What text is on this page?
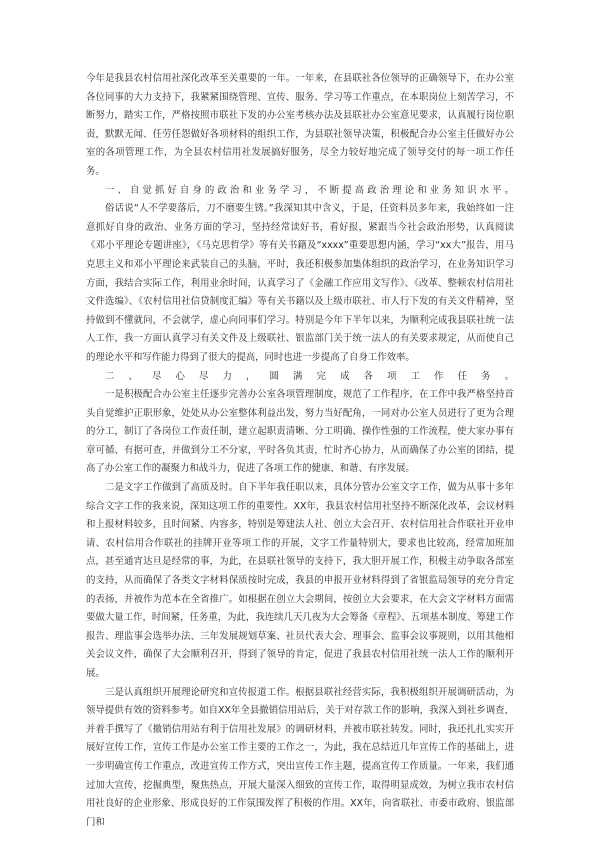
今年是我县农村信用社深化改革至关重要的一年。一年来，在县联社各位领导的正确领导下，在办公室各位同事的大力支持下，我紧紧围绕管理、宣传、服务、学习等工作重点，在本职岗位上刻苦学习，不断努力，踏实工作，严格按照市联社下发的办公室考核办法及县联社办公室意见要求，认真履行岗位职责，默默无闻、任劳任怨做好各项材料的组织工作，为县联社领导决策，积极配合办公室主任做好办公室的各项管理工作，为全县农村信用社发展搞好服务，尽全力较好地完成了领导交付的每一项工作任务。

一、自觉抓好自身的政治和业务学习，不断提高政治理论和业务知识水平。

俗话说“人不学要落后，刀不磨要生锈。”我深知其中含义，于是，任资料员多年来，我始终如一注意抓好自身的政治、业务方面的学习，坚持经常读好书，看好报，紧跟当今社会政治形势，认真阅读《邓小平理论专题讲座》，《马克思哲学》等有关书籍及“xxxx”重要思想内涵，学习“xx大”报告，用马克思主义和邓小平理论来武装自己的头脑，平时，我还积极参加集体组织的政治学习，在业务知识学习方面，我结合实际工作，利用业余时间，认真学习了《金融工作应用文写作》、《改革、整顿农村信用社文件选编》、《农村信用社信贷制度汇编》等有关书籍以及上级市联社、市人行下发的有关文件精神，坚持做到不懂就问，不会就学，虚心向同事们学习。特别是今年下半年以来，为顺利完成我县联社统一法人工作，我一方面认真学习有关文件及上级联社、银监部门关于统一法人的有关要求规定，从而使自己的理论水平和写作能力得到了很大的提高，同时也进一步提高了自身工作效率。

二、尽心尽力，圆满完成各项工作任务。

一是积极配合办公室主任逐步完善办公室各项管理制度，规范了工作程序，在工作中我严格坚持首头自觉维护正职形象，处处从办公室整体利益出发，努力当好配角，一同对办公室人员进行了更为合理的分工，制订了各岗位工作责任制，建立起职责清晰、分工明确、操作性强的工作流程，使大家办事有章可循、有据可查，并做到分工不分家，平时各负其责，忙时齐心协力，从而确保了办公室的团结，提高了办公室工作的凝聚力和战斗力，促进了各项工作的健康、和谐、有序发展。

二是文字工作做到了高质及时。自下半年我任职以来，具体分管办公室文字工作，做为从事十多年综合文字工作的我来说，深知这项工作的重要性。XX年，我县农村信用社坚持不断深化改革，会议材料和上报材料较多，且时间紧、内容多，特别是筹建法人社、创立大会召开、农村信用社合作联社开业申请、农村信用合作联社的挂牌开业等项工作的开展，文字工作量特别大，要求也比较高，经常加班加点，甚至通宵达旦是经常的事，为此，在县联社领导的支持下，我大胆开展工作，积极主动争取各部室的支持，从而确保了各类文字材料保质按时完成，我县的申报开业材料得到了省银监局领导的充分肯定的表扬，并被作为范本在全省推广。如根据在创立大会期间，按创立大会要求，在大会文字材料方面需要做大量工作，时间紧，任务重，为此，我连续几天几夜为大会筹备《章程》、五项基本制度、筹建工作报告、理监事会选举办法、三年发展规划草案、社员代表大会、理事会、监事会议事规则，以用其他相关会议文件，确保了大会顺利召开，得到了领导的肯定，促进了我县农村信用社统一法人工作的顺利开展。

三是认真组织开展理论研究和宣传报道工作。根据县联社经营实际，我积极组织开展调研活动，为领导提供有效的资料参考。如自XX年全县撤销信用站后，关于对存款工作的影响，我深入到社乡调查，并着手撰写了《撤销信用站有利于信用社发展》的调研材料，并被市联社转发。同时，我还扎扎实实开展好宣传工作，宣传工作是办公室工作主要的工作之一，为此，我在总结近几年宣传工作的基础上，进一步明确宣传工作重点，改进宣传工作方式，突出宣传工作主题，提高宣传工作质量。一年来，我们通过加大宣传，挖掘典型，聚焦热点，开展大量深入细致的宣传工作，取得明显成效，为树立我市农村信用社良好的企业形象、形成良好的工作氛围发挥了积极的作用。XX年，向省联社、市委市政府、银监部门和
